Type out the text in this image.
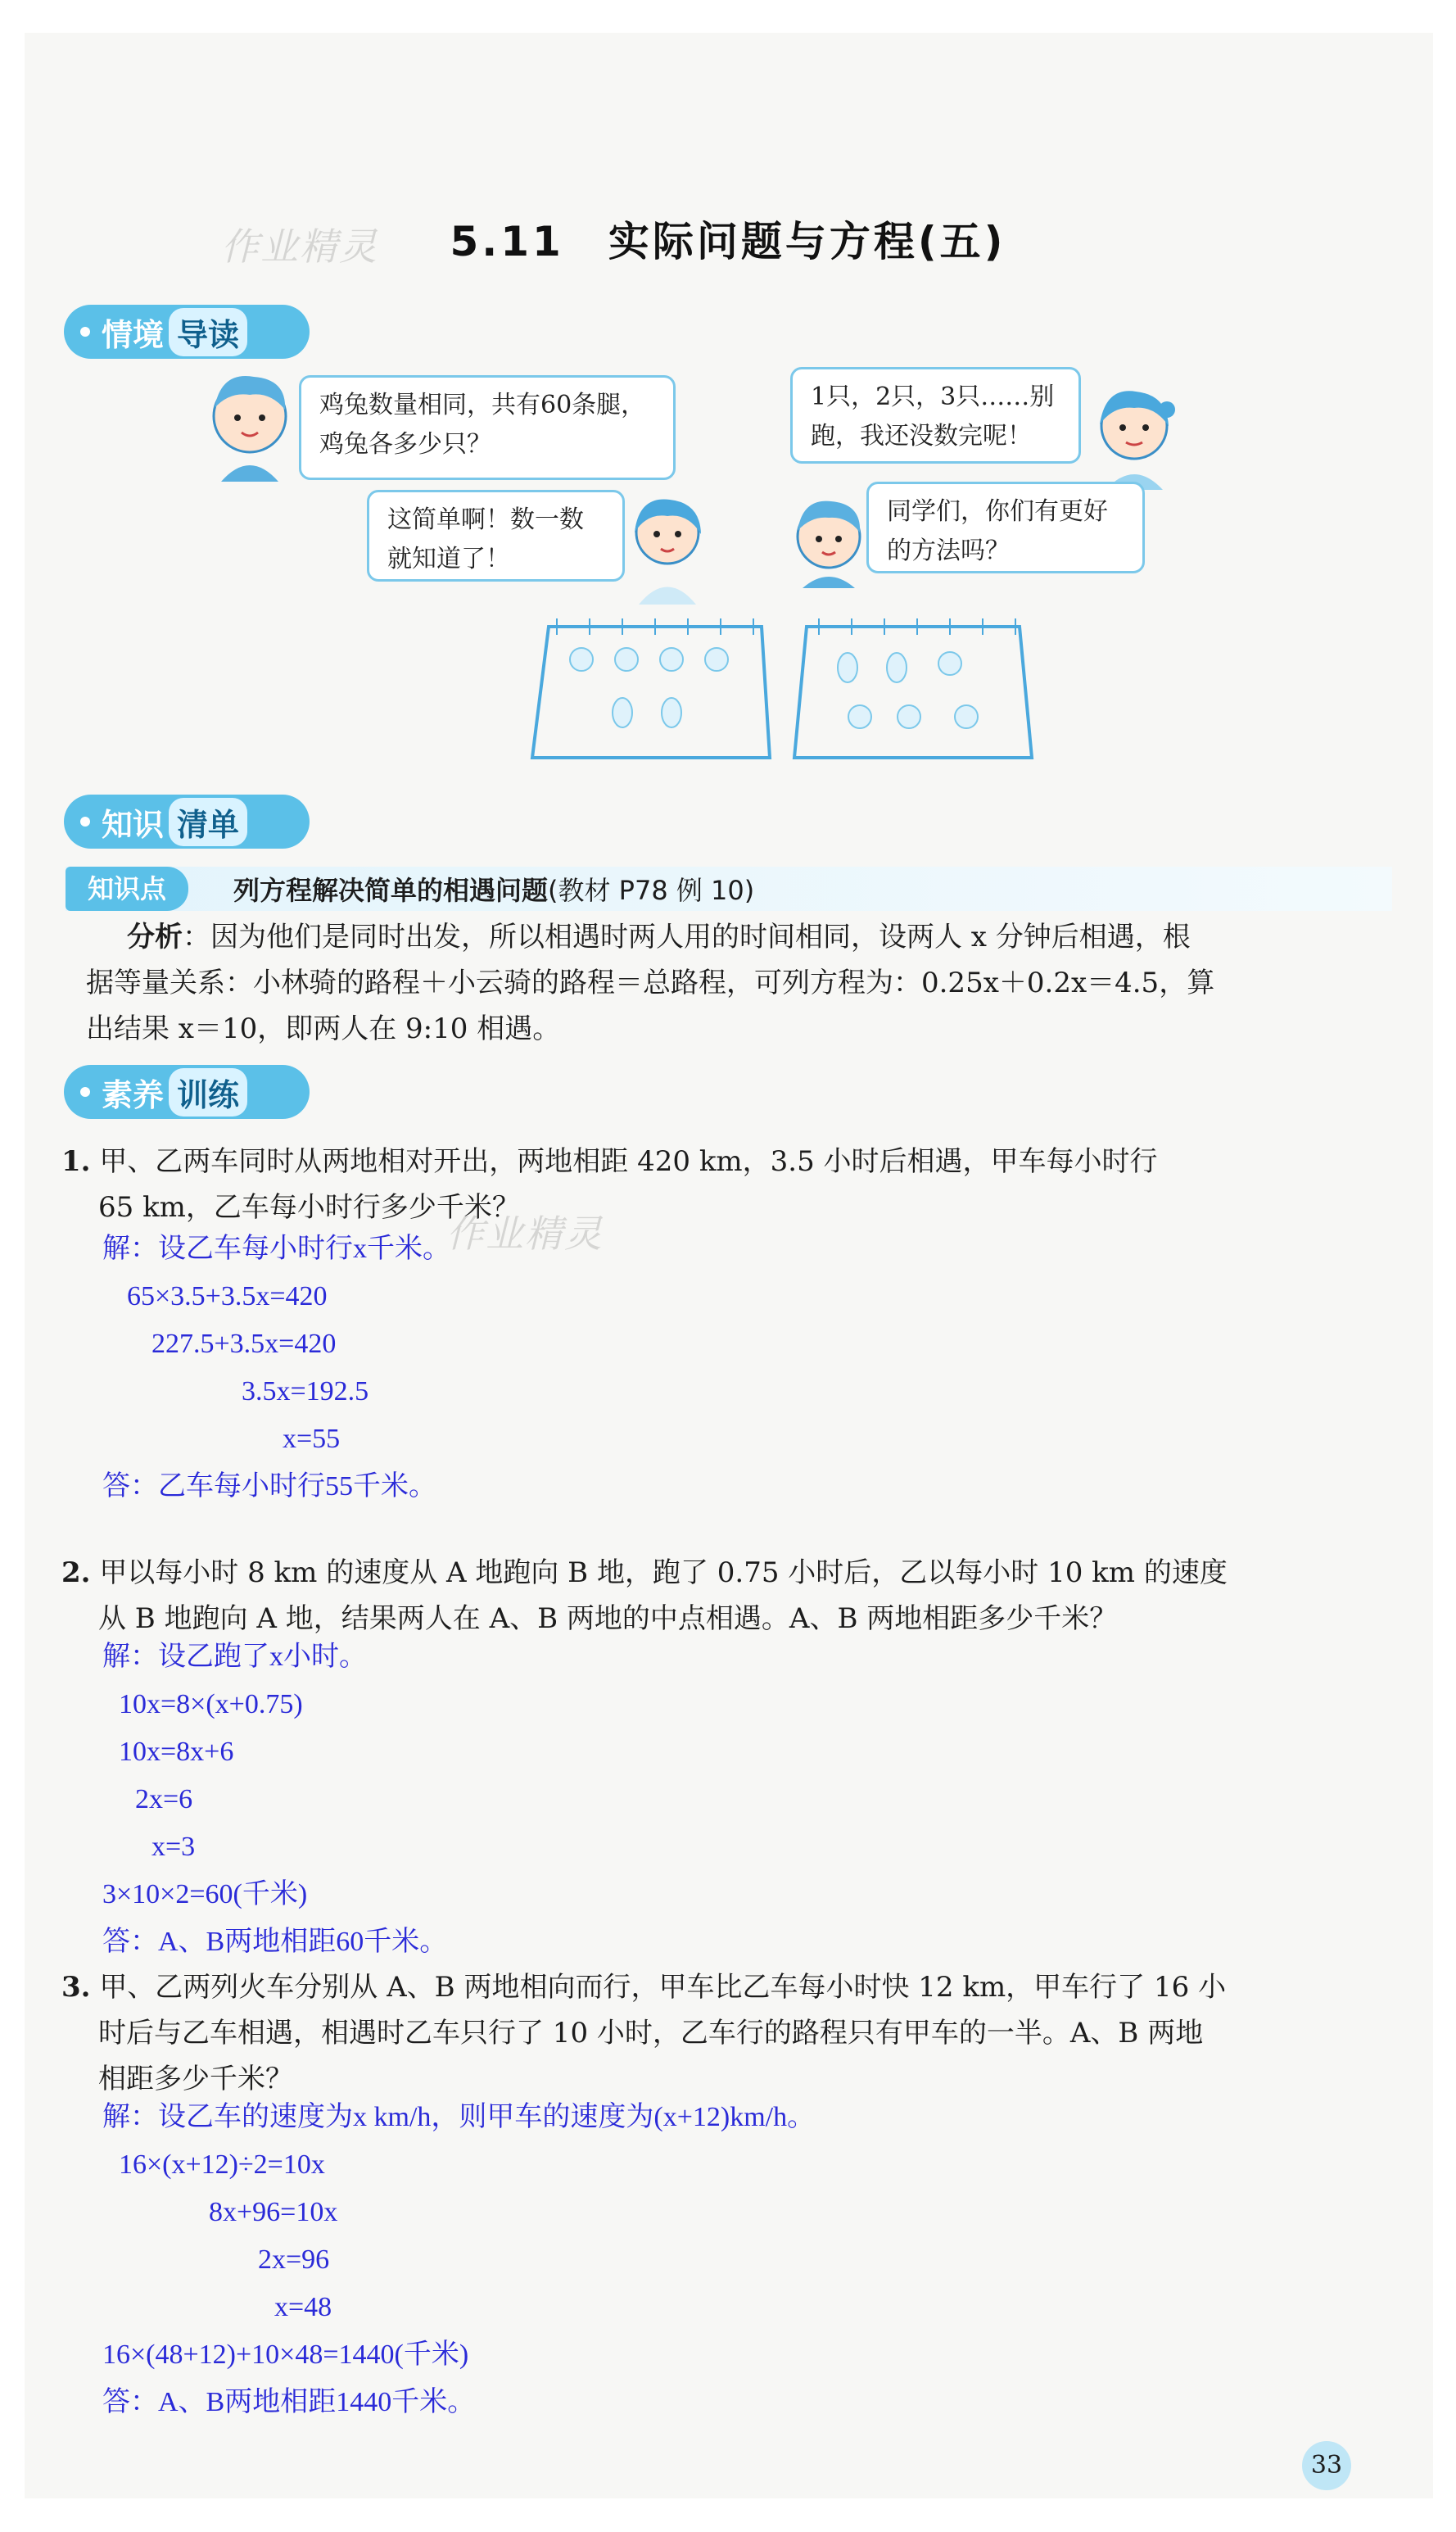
5.11　实际问题与方程(五)
作业精灵
情境 导读
鸡兔数量相同，共有60条腿，鸡兔各多少只？
1只，2只，3只……别跑，我还没数完呢！
这简单啊！数一数就知道了！
同学们，你们有更好的方法吗？
知识 清单
知识点	列方程解决简单的相遇问题(教材 P78 例 10)
分析：因为他们是同时出发，所以相遇时两人用的时间相同，设两人 x 分钟后相遇，根
据等量关系：小林骑的路程＋小云骑的路程＝总路程，可列方程为：0.25x＋0.2x＝4.5，算
出结果 x＝10，即两人在 9:10 相遇。
素养 训练
1. 甲、乙两车同时从两地相对开出，两地相距 420 km，3.5 小时后相遇，甲车每小时行
65 km，乙车每小时行多少千米？
解：设乙车每小时行x千米。
65×3.5+3.5x=420
227.5+3.5x=420
3.5x=192.5
x=55
答：乙车每小时行55千米。
作业精灵
2. 甲以每小时 8 km 的速度从 A 地跑向 B 地，跑了 0.75 小时后，乙以每小时 10 km 的速度
从 B 地跑向 A 地，结果两人在 A、B 两地的中点相遇。A、B 两地相距多少千米？
解：设乙跑了x小时。
10x=8×(x+0.75)
10x=8x+6
2x=6
x=3
3×10×2=60(千米)
答：A、B两地相距60千米。
3. 甲、乙两列火车分别从 A、B 两地相向而行，甲车比乙车每小时快 12 km，甲车行了 16 小
时后与乙车相遇，相遇时乙车只行了 10 小时，乙车行的路程只有甲车的一半。A、B 两地
相距多少千米？
解：设乙车的速度为x km/h，则甲车的速度为(x+12)km/h。
16×(x+12)÷2=10x
8x+96=10x
2x=96
x=48
16×(48+12)+10×48=1440(千米)
答：A、B两地相距1440千米。
33
